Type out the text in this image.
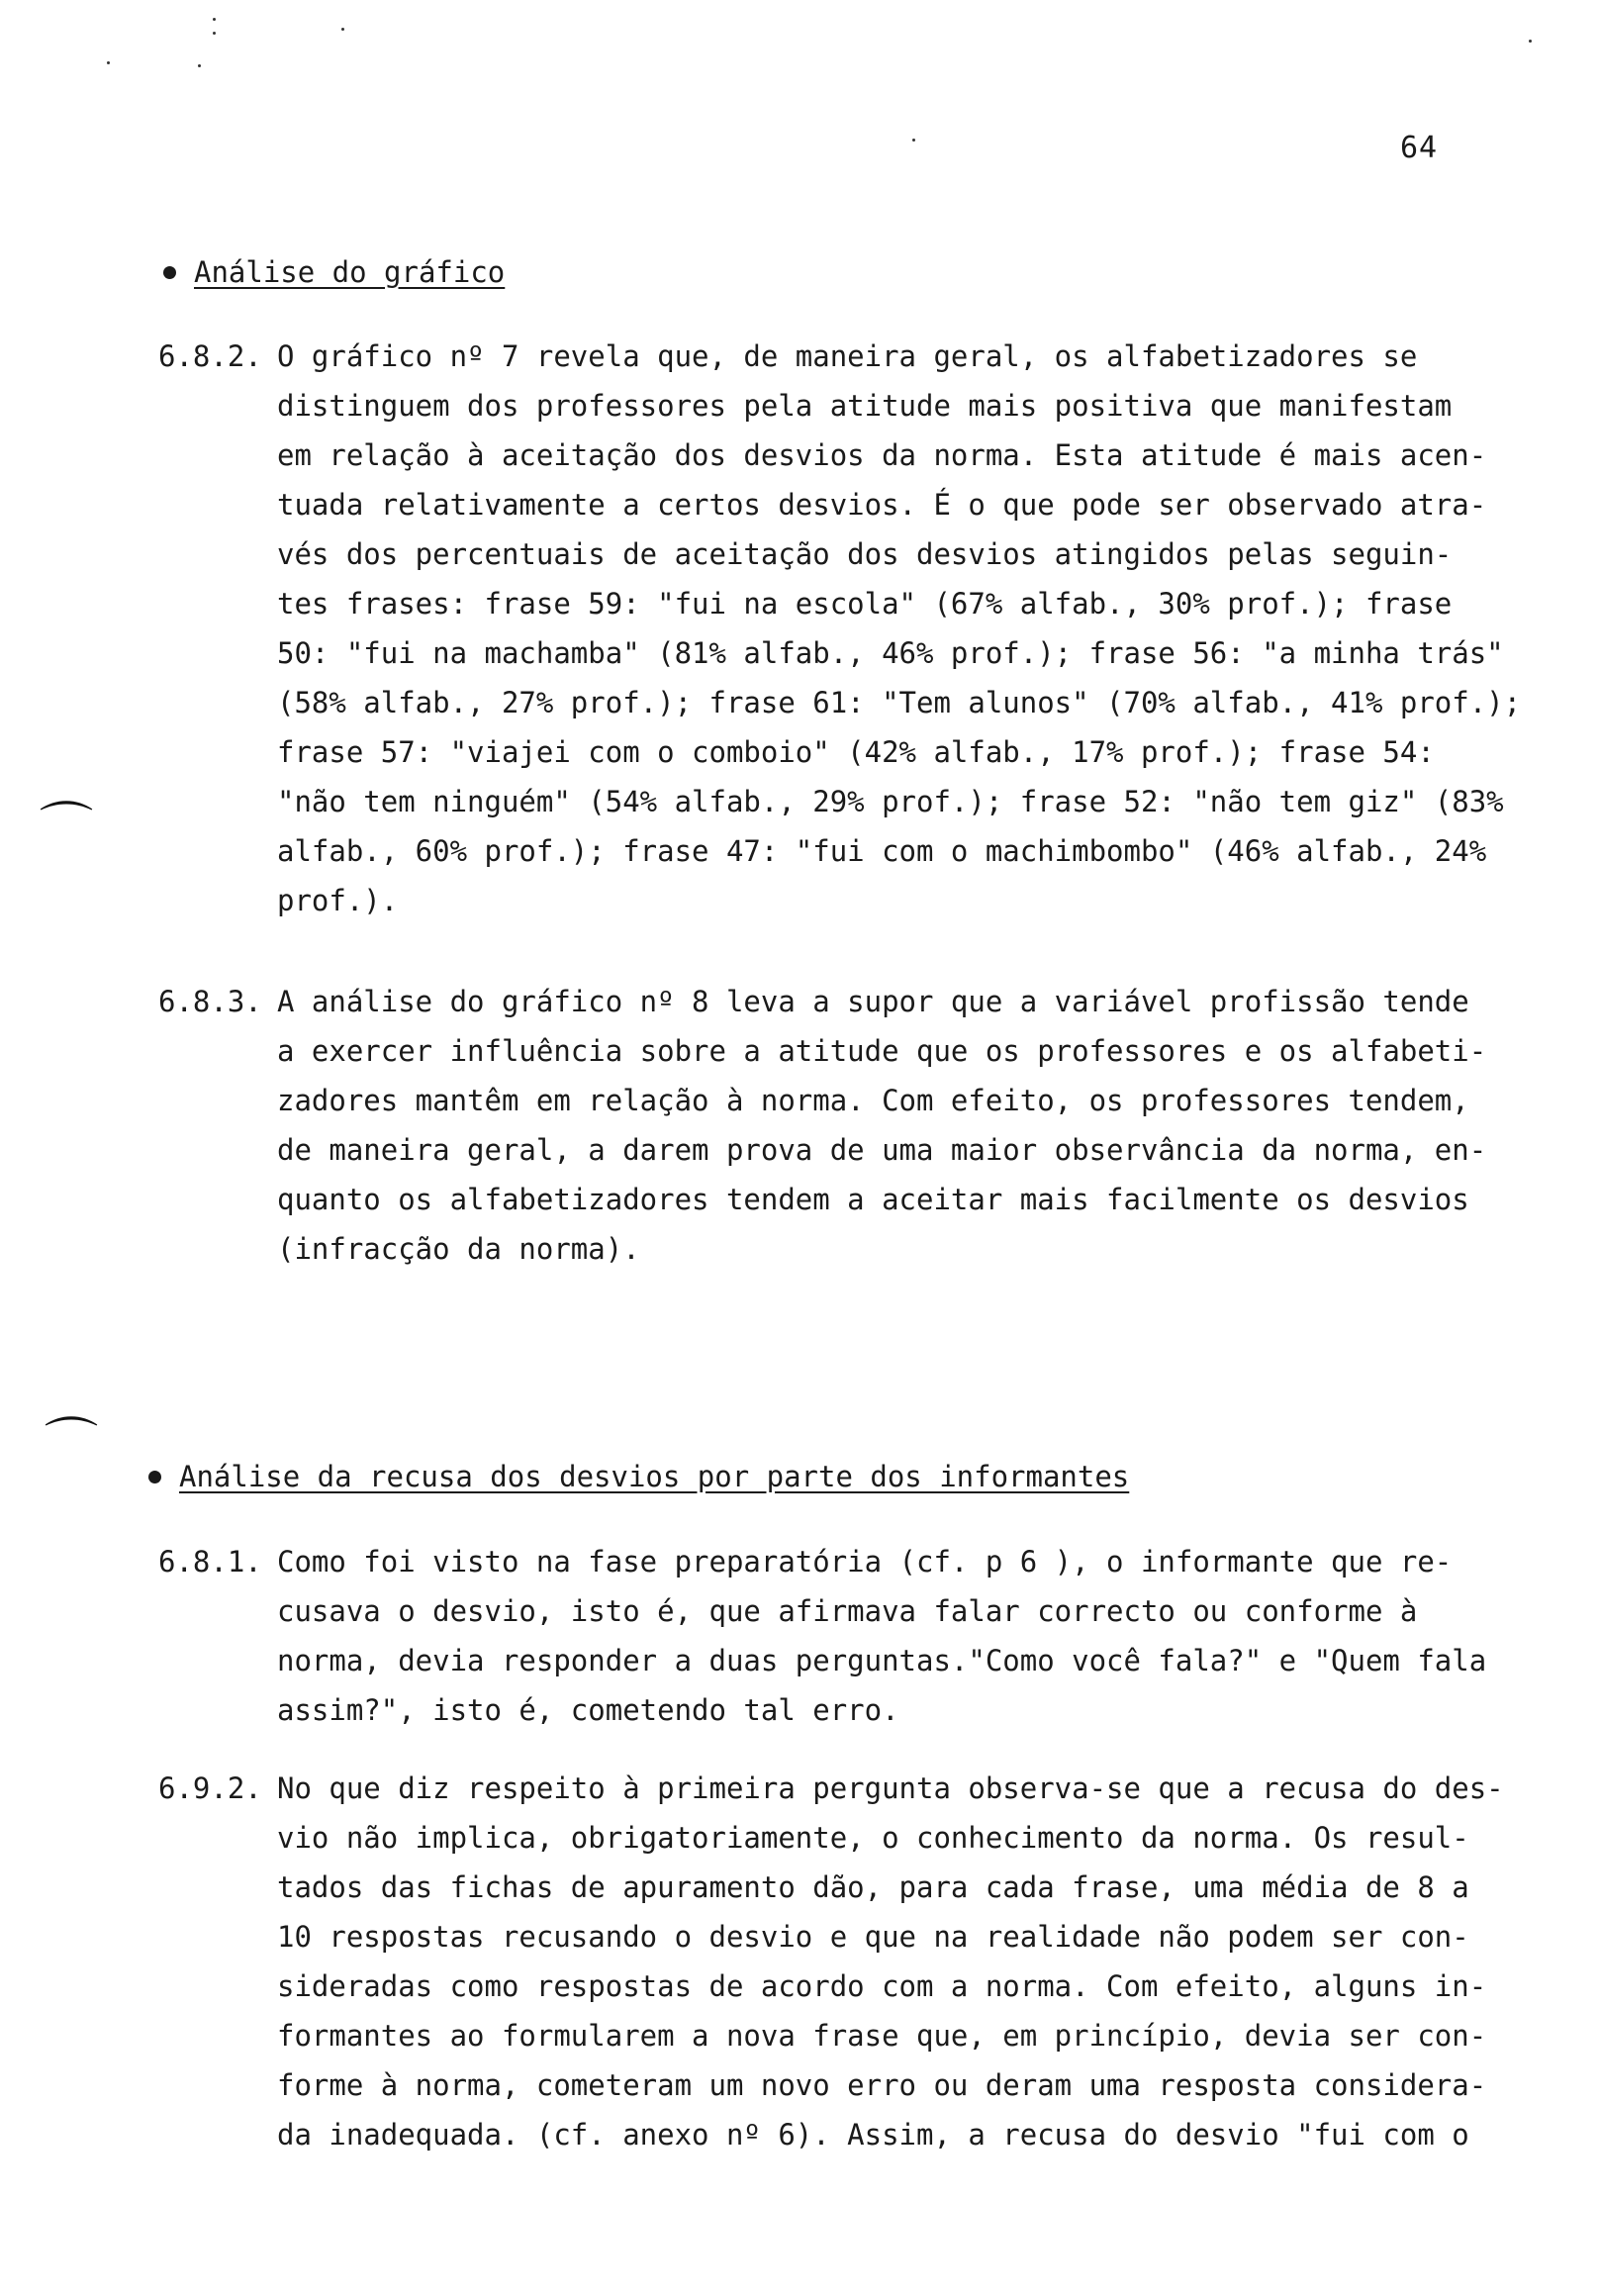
64
Análise do gráfico
6.8.2. O gráfico nº 7 revela que, de maneira geral, os alfabetizadores se
distinguem dos professores pela atitude mais positiva que manifestam
em relação à aceitação dos desvios da norma. Esta atitude é mais acen-
tuada relativamente a certos desvios. É o que pode ser observado atra-
vés dos percentuais de aceitação dos desvios atingidos pelas seguin-
tes frases: frase 59: "fui na escola" (67% alfab., 30% prof.); frase
50: "fui na machamba" (81% alfab., 46% prof.); frase 56: "a minha trás"
(58% alfab., 27% prof.); frase 61: "Tem alunos" (70% alfab., 41% prof.);
frase 57: "viajei com o comboio" (42% alfab., 17% prof.); frase 54:
"não tem ninguém" (54% alfab., 29% prof.); frase 52: "não tem giz" (83%
alfab., 60% prof.); frase 47: "fui com o machimbombo" (46% alfab., 24%
prof.).
⌒
6.8.3. A análise do gráfico nº 8 leva a supor que a variável profissão tende
a exercer influência sobre a atitude que os professores e os alfabeti-
zadores mantêm em relação à norma. Com efeito, os professores tendem,
de maneira geral, a darem prova de uma maior observância da norma, en-
quanto os alfabetizadores tendem a aceitar mais facilmente os desvios
(infracção da norma).
⌒
Análise da recusa dos desvios por parte dos informantes
6.8.1. Como foi visto na fase preparatória (cf. p 6 ), o informante que re-
cusava o desvio, isto é, que afirmava falar correcto ou conforme à
norma, devia responder a duas perguntas."Como você fala?" e "Quem fala
assim?", isto é, cometendo tal erro.
6.9.2. No que diz respeito à primeira pergunta observa-se que a recusa do des-
vio não implica, obrigatoriamente, o conhecimento da norma. Os resul-
tados das fichas de apuramento dão, para cada frase, uma média de 8 a
10 respostas recusando o desvio e que na realidade não podem ser con-
sideradas como respostas de acordo com a norma. Com efeito, alguns in-
formantes ao formularem a nova frase que, em princípio, devia ser con-
forme à norma, cometeram um novo erro ou deram uma resposta considera-
da inadequada. (cf. anexo nº 6). Assim, a recusa do desvio "fui com o
